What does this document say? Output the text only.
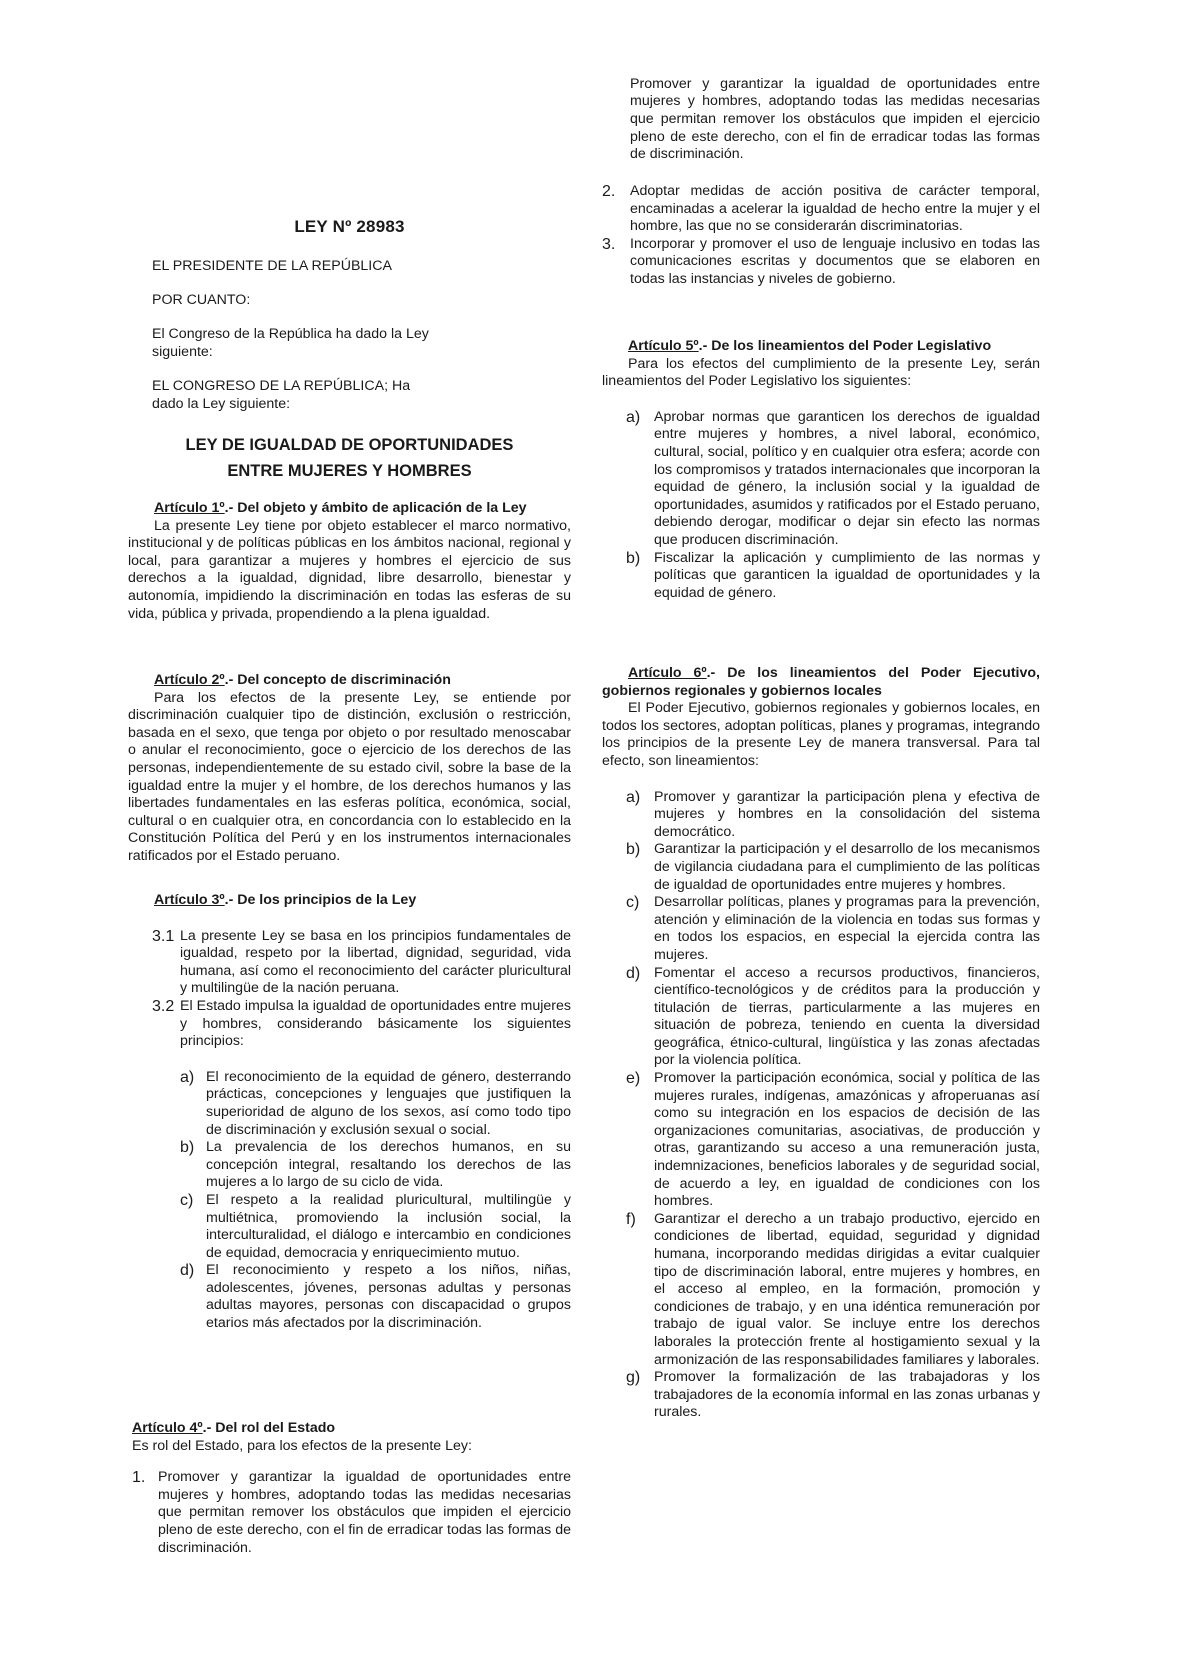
LEY Nº 28983

EL PRESIDENTE DE LA REPÚBLICA

POR CUANTO:

El Congreso de la República ha dado la Ley siguiente:

EL CONGRESO DE LA REPÚBLICA; Ha dado la Ley siguiente:

LEY DE IGUALDAD DE OPORTUNIDADES

ENTRE MUJERES Y HOMBRES

Artículo 1º.- Del objeto y ámbito de aplicación de la Ley

La presente Ley tiene por objeto establecer el marco normativo, institucional y de políticas públicas en los ámbitos nacional, regional y local, para garantizar a mujeres y hombres el ejercicio de sus derechos a la igualdad, dignidad, libre desarrollo, bienestar y autonomía, impidiendo la discriminación en todas las esferas de su vida, pública y privada, propendiendo a la plena igualdad.

Artículo 2º.- Del concepto de discriminación

Para los efectos de la presente Ley, se entiende por discriminación cualquier tipo de distinción, exclusión o restricción, basada en el sexo, que tenga por objeto o por resultado menoscabar o anular el reconocimiento, goce o ejercicio de los derechos de las personas, independientemente de su estado civil, sobre la base de la igualdad entre la mujer y el hombre, de los derechos humanos y las libertades fundamentales en las esferas política, económica, social, cultural o en cualquier otra, en concordancia con lo establecido en la Constitución Política del Perú y en los instrumentos internacionales ratificados por el Estado peruano.

Artículo 3º.- De los principios de la Ley

3.1 La presente Ley se basa en los principios fundamentales de igualdad, respeto por la libertad, dignidad, seguridad, vida humana, así como el reconocimiento del carácter pluricultural y multilingüe de la nación peruana.
3.2 El Estado impulsa la igualdad de oportunidades entre mujeres y hombres, considerando básicamente los siguientes principios:
a) El reconocimiento de la equidad de género, desterrando prácticas, concepciones y lenguajes que justifiquen la superioridad de alguno de los sexos, así como todo tipo de discriminación y exclusión sexual o social.
b) La prevalencia de los derechos humanos, en su concepción integral, resaltando los derechos de las mujeres a lo largo de su ciclo de vida.
c) El respeto a la realidad pluricultural, multilingüe y multiétnica, promoviendo la inclusión social, la interculturalidad, el diálogo e intercambio en condiciones de equidad, democracia y enriquecimiento mutuo.
d) El reconocimiento y respeto a los niños, niñas, adolescentes, jóvenes, personas adultas y personas adultas mayores, personas con discapacidad o grupos etarios más afectados por la discriminación.

Artículo 4º.- Del rol del Estado

Es rol del Estado, para los efectos de la presente Ley:

1. Promover y garantizar la igualdad de oportunidades entre mujeres y hombres, adoptando todas las medidas necesarias que permitan remover los obstáculos que impiden el ejercicio pleno de este derecho, con el fin de erradicar todas las formas de discriminación.
Promover y garantizar la igualdad de oportunidades entre mujeres y hombres, adoptando todas las medidas necesarias que permitan remover los obstáculos que impiden el ejercicio pleno de este derecho, con el fin de erradicar todas las formas de discriminación.
2.	Adoptar medidas de acción positiva de carácter temporal, encaminadas a acelerar la igualdad de hecho entre la mujer y el hombre, las que no se considerarán discriminatorias.
3.	Incorporar y promover el uso de lenguaje inclusivo en todas las comunicaciones escritas y documentos que se elaboren en todas las instancias y niveles de gobierno.

Artículo 5º.- De los lineamientos del Poder Legislativo

Para los efectos del cumplimiento de la presente Ley, serán lineamientos del Poder Legislativo los siguientes:

a) Aprobar normas que garanticen los derechos de igualdad entre mujeres y hombres, a nivel laboral, económico, cultural, social, político y en cualquier otra esfera; acorde con los compromisos y tratados internacionales que incorporan la equidad de género, la inclusión social y la igualdad de oportunidades, asumidos y ratificados por el Estado peruano, debiendo derogar, modificar o dejar sin efecto las normas que producen discriminación.
b) Fiscalizar la aplicación y cumplimiento de las normas y políticas que garanticen la igualdad de oportunidades y la equidad de género.

Artículo 6º.- De los lineamientos del Poder Ejecutivo, gobiernos regionales y gobiernos locales

El Poder Ejecutivo, gobiernos regionales y gobiernos locales, en todos los sectores, adoptan políticas, planes y programas, integrando los principios de la presente Ley de manera transversal. Para tal efecto, son lineamientos:

a) Promover y garantizar la participación plena y efectiva de mujeres y hombres en la consolidación del sistema democrático.
b) Garantizar la participación y el desarrollo de los mecanismos de vigilancia ciudadana para el cumplimiento de las políticas de igualdad de oportunidades entre mujeres y hombres.
c)	Desarrollar políticas, planes y programas para la prevención, atención y eliminación de la violencia en todas sus formas y en todos los espacios, en especial la ejercida contra las mujeres.
d) Fomentar el acceso a recursos productivos, financieros, científico-tecnológicos y de créditos para la producción y titulación de tierras, particularmente a las mujeres en situación de pobreza, teniendo en cuenta la diversidad geográfica, étnico-cultural, lingüística y las zonas afectadas por la violencia política.
e) Promover la participación económica, social y política de las mujeres rurales, indígenas, amazónicas y afroperuanas así como su integración en los espacios de decisión de las organizaciones comunitarias, asociativas, de producción y otras, garantizando su acceso a una remuneración justa, indemnizaciones, beneficios laborales y de seguridad social, de acuerdo a ley, en igualdad de condiciones con los hombres.
f)	Garantizar el derecho a un trabajo productivo, ejercido en condiciones de libertad, equidad, seguridad y dignidad humana, incorporando medidas dirigidas a evitar cualquier tipo de discriminación laboral, entre mujeres y hombres, en el acceso al empleo, en la formación, promoción y condiciones de trabajo, y en una idéntica remuneración por trabajo de igual valor. Se incluye entre los derechos laborales la protección frente al hostigamiento sexual y la armonización de las responsabilidades familiares y laborales.
g) Promover la formalización de las trabajadoras y los trabajadores de la economía informal en las zonas urbanas y rurales.
